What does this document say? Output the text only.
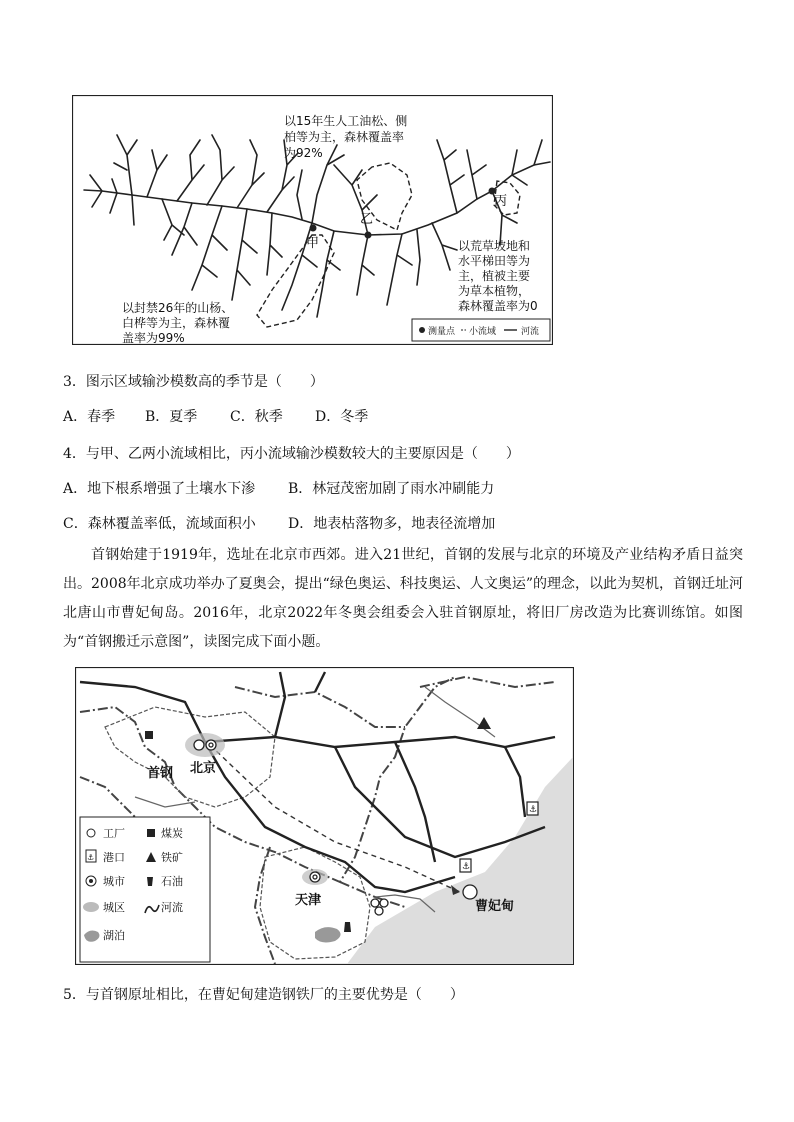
以15年生人工油松、侧 柏等为主，森林覆盖率 为92%
以荒草坡地和 水平梯田等为 主，植被主要 为草本植物， 森林覆盖率为0
以封禁26年的山杨、 白桦等为主，森林覆 盖率为99%
甲
乙
丙
测量点 小流域	河流
3．图示区域输沙模数高的季节是（　　）
A．春季 B．夏季 C．秋季 D．冬季
4．与甲、乙两小流域相比，丙小流域输沙模数较大的主要原因是（　　）
A．地下根系增强了土壤水下渗 B．林冠茂密加剧了雨水冲刷能力
C．森林覆盖率低，流域面积小 D．地表枯落物多，地表径流增加
首钢始建于1919年，选址在北京市西郊。进入21世纪，首钢的发展与北京的环境及产业结构矛盾日益突出。2008年北京成功举办了夏奥会，提出“绿色奥运、科技奥运、人文奥运”的理念，以此为契机，首钢迁址河北唐山市曹妃甸岛。2016年，北京2022年冬奥会组委会入驻首钢原址，将旧厂房改造为比赛训练馆。如图为“首钢搬迁示意图”，读图完成下面小题。
⚓
⚓
首钢 北京
天津	曹妃甸
工厂	煤炭
⚓ 港口	铁矿
城市	石油
城区	河流
湖泊
5．与首钢原址相比，在曹妃甸建造钢铁厂的主要优势是（　　）
